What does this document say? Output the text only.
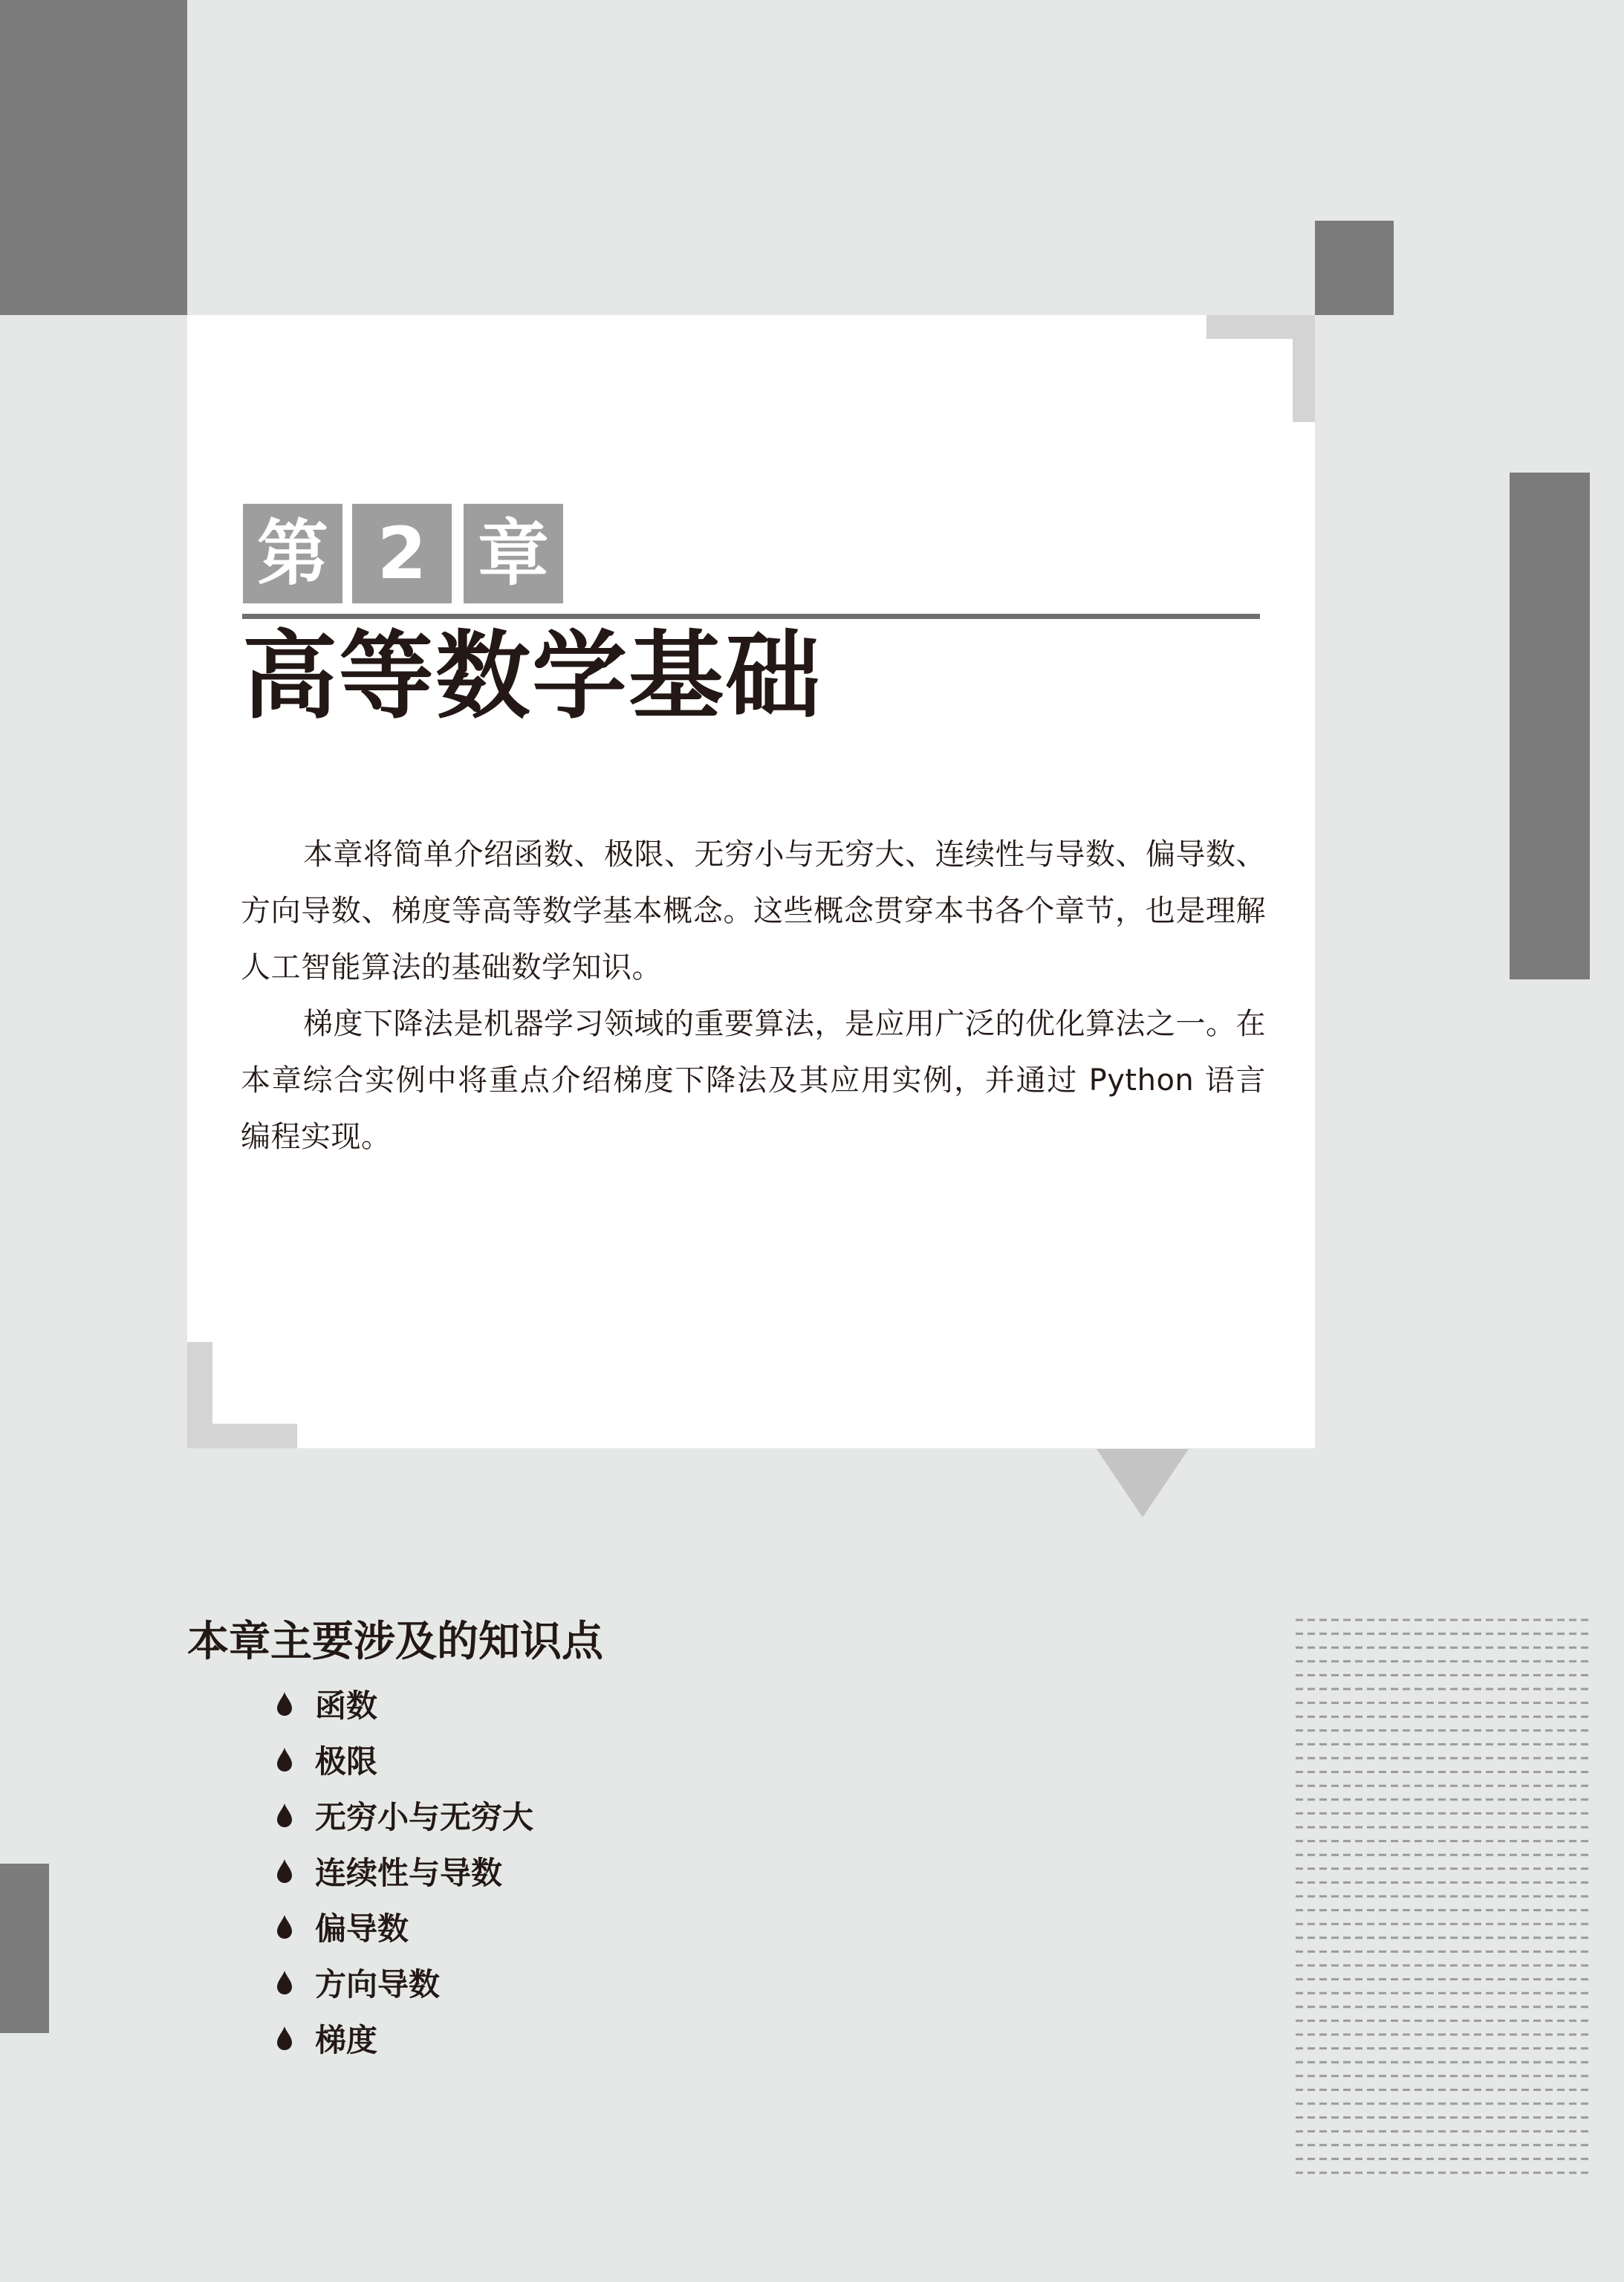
第 2 章
高等数学基础

本章将简单介绍函数、极限、无穷小与无穷大、连续性与导数、偏导数、方向导数、梯度等高等数学基本概念。这些概念贯穿本书各个章节，也是理解人工智能算法的基础数学知识。

梯度下降法是机器学习领域的重要算法，是应用广泛的优化算法之一。在本章综合实例中将重点介绍梯度下降法及其应用实例，并通过 Python 语言编程实现。

本章主要涉及的知识点
函数
极限
无穷小与无穷大
连续性与导数
偏导数
方向导数
梯度
